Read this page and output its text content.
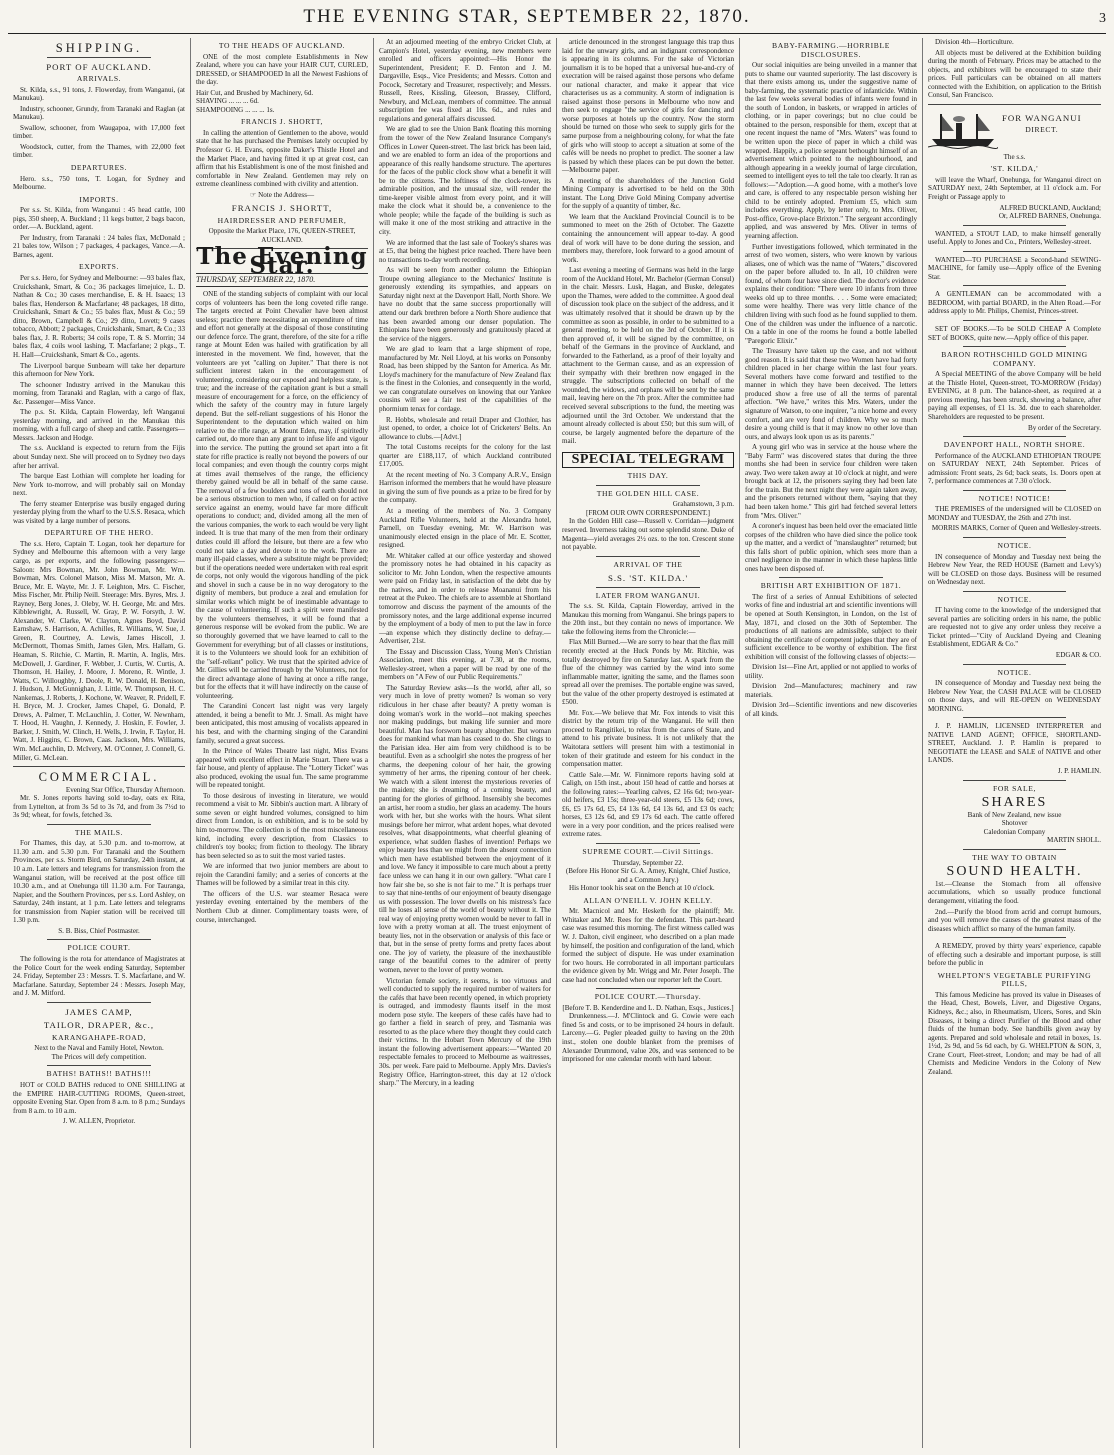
THE EVENING STAR, SEPTEMBER 22, 1870.	3
SHIPPING.
PORT OF AUCKLAND.
ARRIVALS.

St. Kilda, s.s., 91 tons, J. Flowerday, from Wanganui, (at Manukau).

Industry, schooner, Grundy, from Taranaki and Raglan (at Manukau).

Swallow, schooner, from Waugapoa, with 17,000 feet timber.

Woodstock, cutter, from the Thames, with 22,000 feet timber.

DEPARTURES.

Hero. s.s., 750 tons, T. Logan, for Sydney and Melbourne.

IMPORTS.

Per s.s. St. Kilda, from Wanganui : 45 head cattle, 100 pigs, 350 sheep, A. Buckland ; 11 kegs butter, 2 bags bacon, order.—A. Buckland, agent.

Per Industry, from Taranaki : 24 bales flax, McDonald ; 21 bales tow, Wilson ; 7 packages, 4 packages, Vance.—A. Barnes, agent.

EXPORTS.

Per s.s. Hero, for Sydney and Melbourne: —93 bales flax, Cruickshank, Smart, & Co.; 36 packages limejuice, L. D. Nathan & Co.; 30 cases merchandise, E. & H. Isaacs; 13 bales flax, Henderson & Macfarlane; 48 packages, 18 ditto, Cruickshank, Smart & Co.; 55 bales flax, Must & Co.; 59 ditto, Brown, Campbell & Co.; 29 ditto, Lovett; 9 cases tobacco, Abbott; 2 packages, Cruickshank, Smart, & Co.; 33 bales flax, J. R. Roberts; 34 coils rope, T. & S. Morrin; 34 bales flax, 4 coils wool lashing, T. Macfarlane; 2 pkgs., T. H. Hall—Cruickshank, Smart & Co., agents.

The Liverpool barque Sunbeam will take her departure this afternoon for New York.

The schooner Industry arrived in the Manukau this morning, from Taranaki and Raglan, with a cargo of flax, &c. Passenger—Miss Vance.

The p.s. St. Kilda, Captain Flowerday, left Wanganui yesterday morning, and arrived in the Manukau this morning, with a full cargo of sheep and cattle. Passengers—Messrs. Jackson and Hodge.

The s.s. Auckland is expected to return from the Fijis about Sunday next. She will proceed on to Sydney two days after her arrival.

The barque East Lothian will complete her loading for New York to-morrow, and will probably sail on Monday next.

The ferry steamer Enterprise was busily engaged during yesterday plying from the wharf to the U.S.S. Resaca, which was visited by a large number of persons.

DEPARTURE OF THE HERO.

The s.s. Hero, Captain T. Logan, took her departure for Sydney and Melbourne this afternoon with a very large cargo, as per exports, and the following passengers:—Saloon: Mrs Bowman, Mr. John Bowman, Mr. Wm. Bowman, Mrs. Colonel Matson, Miss M. Matson, Mr. A. Bruce, Mr. E. Wayte, Mr. J. F. Leighton, Mrs. C. Fischer, Miss Fischer, Mr. Philip Neill. Steerage: Mrs. Byres, Mrs. J. Rayney, Berg Jones, J. Oleby, W. H. George, Mr. and Mrs. Kibblewright, A. Russell, W. Gray, P. W. Forsyth, J. W. Alexander, W. Clarke, W. Clayton, Agnes Boyd, David Earnshaw, S. Harrison, A. Achilles, R. Williams, W. Sue, J. Green, R. Courtney, A. Lewis, James Hiscoll, J. McDermott, Thomas Smith, James Glen, Mrs. Hallam, G. Heaman, S. Ritchie, C. Martin, R. Martin, A. Inglis, Mrs. McDowell, J. Gardiner, F. Webber, J. Curtis, W. Curtis, A. Thomson, H. Hailey, J. Moore, J. Moreno, R. Wintle, J. Watts, C. Willoughby, J. Doole, R. W. Donald, H. Benison, J. Hudson, J. McGunnighan, J. Little, W. Thompson, H. C. Nankemas, J. Roberts, J. Kochone, W. Weaver, R. Pridell, F. H. Bryce, M. J. Crocker, James Chapel, G. Donald, P. Drews, A. Palmer, T. McLauchlin, J. Cotter, W. Newnham, T. Hood, H. Vaughn, J. Kennedy, J. Hoskin, F. Fowler, J. Barker, J. Smith, W. Clinch, H. Wells, J. Irwin, F. Taylor, H. Watt, J. Higgins, C. Brown, Caas. Jackson, Mrs. Williams, Wm. McLauchlin, D. McIvery, M. O'Conner, J. Connell, G. Miller, G. McLean.

COMMERCIAL.
Evening Star Office, Thursday Afternoon.

Mr. S. Jones reports having sold to-day, oats ex Rita, from Lyttelton, at from 3s 5d to 3s 7d, and from 3s 7½d to 3s 9d; wheat, for fowls, fetched 3s.

THE MAILS.

For Thames, this day, at 5.30 p.m. and to-morrow, at 11.30 a.m. and 5.30 p.m. For Taranaki and the Southern Provinces, per s.s. Storm Bird, on Saturday, 24th instant, at 10 a.m. Late letters and telegrams for transmission from the Wanganui station, will be received at the post office till 10.30 a.m., and at Onehunga till 11.30 a.m. For Tauranga, Napier, and the Southern Provinces, per s.s. Lord Ashley, on Saturday, 24th instant, at 1 p.m. Late letters and telegrams for transmission from Napier station will be received till 1.30 p.m.

S. B. Biss, Chief Postmaster.
POLICE COURT.

The following is the rota for attendance of Magistrates at the Police Court for the week ending Saturday, September 24. Friday, September 23 : Messrs. T. S. Macfarlane, and W. Macfarlane. Saturday, September 24 : Messrs. Joseph May, and J. M. Mitford.

JAMES CAMP,
TAILOR, DRAPER, &c.,
KARANGAHAPE-ROAD,
Next to the Naval and Family Hotel, Newton.
The Prices will defy competition.
BATHS! BATHS!! BATHS!!!

HOT or COLD BATHS reduced to ONE SHILLING at the EMPIRE HAIR-CUTTING ROOMS, Queen-street, opposite Evening Star. Open from 8 a.m. to 8 p.m.; Sundays from 8 a.m. to 10 a.m.

J. W. ALLEN, Proprietor.
TO THE HEADS OF AUCKLAND.

ONE of the most complete Establishments in New Zealand, where you can have your HAIR CUT, CURLED, DRESSED, or SHAMPOOED In all the Newest Fashions of the day.

Hair Cut, and Brushed by Machinery, 6d.
SHAVING ... ... ... 6d.
SHAMPOOING ... ... ... 1s.
FRANCIS J. SHORTT,

In calling the attention of Gentlemen to the above, would state that he has purchased the Premises lately occupied by Professor G. H. Evans, opposite Daker's Thistle Hotel and the Market Place, and having fitted it up at great cost, can affirm that his Establishment is one of the most finished and comfortable in New Zealand. Gentlemen may rely on extreme cleanliness combined with civility and attention.

☞ Note the Address—
FRANCIS J. SHORTT,
HAIRDRESSER AND PERFUMER,
Opposite the Market Place, 176, QUEEN-STREET, AUCKLAND.
The Evening Star.
THURSDAY, SEPTEMBER 22, 1870.

ONE of the standing subjects of complaint with our local corps of volunteers has been the long coveted rifle range. The targets erected at Point Chevalier have been almost useless; practice there necessitating an expenditure of time and effort not generally at the disposal of those constituting our defence force. The grant, therefore, of the site for a rifle range at Mount Eden was hailed with gratification by all interested in the movement. We find, however, that the volunteers are yet "calling on Jupiter." That there is not sufficient interest taken in the encouragement of volunteering, considering our exposed and helpless state, is true; and the increase of the capitation grant is but a small measure of encouragement for a force, on the efficiency of which the safety of the country may in future largely depend. But the self-reliant suggestions of his Honor the Superintendent to the deputation which waited on him relative to the rifle range, at Mount Eden, may, if spiritedly carried out, do more than any grant to infuse life and vigour into the service. The putting the ground set apart into a fit state for rifle practice is really not beyond the powers of our local companies; and even though the country corps might at times avail themselves of the range, the efficiency thereby gained would be all in behalf of the same cause. The removal of a few boulders and tons of earth should not be a serious obstruction to men who, if called on for active service against an enemy, would have far more difficult operations to conduct; and, divided among all the men of the various companies, the work to each would be very light indeed. It is true that many of the men from their ordinary duties could ill afford the leisure, but there are a few who could not take a day and devote it to the work. There are many ill-paid classes, where a substitute might be provided; but if the operations needed were undertaken with real esprit de corps, not only would the vigorous handling of the pick and shovel in such a cause be in no way derogatory to the dignity of members, but produce a zeal and emulation for similar works which might be of inestimable advantage to the cause of volunteering. If such a spirit were manifested by the volunteers themselves, it will be found that a generous response will be evoked from the public. We are so thoroughly governed that we have learned to call to the Government for everything; but of all classes or institutions, it is to the Volunteers we should look for an exhibition of the "self-reliant" policy. We trust that the spirited advice of Mr. Gillies will be carried through by the Volunteers, not for the direct advantage alone of having at once a rifle range, but for the effects that it will have indirectly on the cause of volunteering.

The Carandini Concert last night was very largely attended, it being a benefit to Mr. J. Small. As might have been anticipated, this most amusing of vocalists appeared in his best, and with the charming singing of the Carandini family, secured a great success.

In the Prince of Wales Theatre last night, Miss Evans appeared with excellent effect in Marie Stuart. There was a fair house, and plenty of applause. The "Lottery Ticket" was also produced, evoking the usual fun. The same programme will be repeated tonight.

To those desirous of investing in literature, we would recommend a visit to Mr. Sibbin's auction mart. A library of some seven or eight hundred volumes, consigned to him direct from London, is on exhibition, and is to be sold by him to-morrow. The collection is of the most miscellaneous kind, including every description, from Classics to children's toy books; from fiction to theology. The library has been selected so as to suit the most varied tastes.

We are informed that two junior members are about to rejoin the Carandini family; and a series of concerts at the Thames will be followed by a similar treat in this city.

The officers of the U.S. war steamer Resaca were yesterday evening entertained by the members of the Northern Club at dinner. Complimentary toasts were, of course, interchanged.

At an adjourned meeting of the embryo Cricket Club, at Campion's Hotel, yesterday evening, new members were enrolled and officers appointed:—His Honor the Superintendent, President; F. D. Fenton and J. M. Dargaville, Esqs., Vice Presidents; and Messrs. Cotton and Pocock, Secretary and Treasurer, respectively; and Messrs. Russell, Rees, Kissling, Gleeson, Brassey, Clifford, Newbury, and McLean, members of committee. The annual subscription fee was fixed at 10s. 6d., and rules and regulations and general affairs discussed.

We are glad to see the Union Bank floating this morning from the tower of the New Zealand Insurance Company's Offices in Lower Queen-street. The last brick has been laid, and we are enabled to form an idea of the proportions and appearance of this really handsome structure. The apertures for the faces of the public clock show what a benefit it will be to the citizens. The loftiness of the clock-tower, its admirable position, and the unusual size, will render the time-keeper visible almost from every point, and it will make the clock what it should be, a convenience to the whole people; while the façade of the building is such as will make it one of the most striking and attractive in the city.

We are informed that the last sale of Tookey's shares was at £5, that being the highest price reached. There have been no transactions to-day worth recording.

As will be seen from another column the Ethiopian Troupe owning allegiance to the Mechanics' Institute is generously extending its sympathies, and appears on Saturday night next at the Davenport Hall, North Shore. We have no doubt that the same success proportionally will attend our dark brethren before a North Shore audience that has been awarded among our denser population. The Ethiopians have been generously and gratuitously placed at the service of the niggers.

We are glad to learn that a large shipment of rope, manufactured by Mr. Neil Lloyd, at his works on Ponsonby Road, has been shipped by the Santon for America. As Mr. Lloyd's machinery for the manufacture of New Zealand flax is the finest in the Colonies, and consequently in the world, we can congratulate ourselves on knowing that our Yankee cousins will see a fair test of the capabilities of the phormium tenax for cordage.

R. Hobbs, wholesale and retail Draper and Clothier, has just opened, to order, a choice lot of Cricketers' Belts. An allowance to clubs.—[Advt.]

The total Customs receipts for the colony for the last quarter are £188,117, of which Auckland contributed £17,005.

At the recent meeting of No. 3 Company A.R.V., Ensign Harrison informed the members that he would have pleasure in giving the sum of five pounds as a prize to be fired for by the company.

At a meeting of the members of No. 3 Company Auckland Rifle Volunteers, held at the Alexandra hotel, Parnell, on Tuesday evening, Mr. W. Harrison was unanimously elected ensign in the place of Mr. E. Scotter, resigned.

Mr. Whitaker called at our office yesterday and showed the promissory notes he had obtained in his capacity as solicitor to Mr. John London, when the respective amounts were paid on Friday last, in satisfaction of the debt due by the natives, and in order to release Moananui from his retreat at the Pukeo. The chiefs are to assemble at Shortland tomorrow and discuss the payment of the amounts of the promissory notes, and the large additional expense incurred by the employment of a body of men to put the law in force—an expense which they distinctly decline to defray.—Advertiser, 21st.

The Essay and Discussion Class, Young Men's Christian Association, meet this evening, at 7.30, at the rooms, Wellesley-street, when a paper will be read by one of the members on "A Few of our Public Requirements."

The Saturday Review asks—Is the world, after all, so very much in love of pretty women? Is woman so very ridiculous in her chase after beauty? A pretty woman is doing woman's work in the world—not making speeches nor making puddings, but making life sunnier and more beautiful. Man has forsworn beauty altogether. But woman does for mankind what man has ceased to do. She clings to the Parisian idea. Her aim from very childhood is to be beautiful. Even as a schoolgirl she notes the progress of her charms, the deepening colour of her hair, the growing symmetry of her arms, the ripening contour of her cheek. We watch with a silent interest the mysterious reveries of the maiden; she is dreaming of a coming beauty, and panting for the glories of girlhood. Insensibly she becomes an artist, her room a studio, her glass an academy. The hours work with her, but she works with the hours. What silent musings before her mirror, what ardent hopes, what devoted resolves, what disappointments, what cheerful gleaning of experience, what sudden flashes of invention! Perhaps we enjoy beauty less than we might from the absent connection which men have established between the enjoyment of it and love. We fancy it impossible to care much about a pretty face unless we can hang it in our own gallery. "What care I how fair she be, so she is not fair to me." It is perhaps truer to say that nine-tenths of our enjoyment of beauty disengage us with possession. The lover dwells on his mistress's face till he loses all sense of the world of beauty without it. The real way of enjoying pretty women would be never to fall in love with a pretty woman at all. The truest enjoyment of beauty lies, not in the observation or analysis of this face or that, but in the sense of pretty forms and pretty faces about one. The joy of variety, the pleasure of the inexhaustible range of the beautiful comes to the admirer of pretty women, never to the lover of pretty women.

Victorian female society, it seems, is too virtuous and well conducted to supply the required number of waiters for the cafés that have been recently opened, in which propriety is outraged, and immodesty flaunts itself in the most modern pose style. The keepers of these cafés have had to go farther a field in search of prey, and Tasmania was resorted to as the place where they thought they could catch their victims. In the Hobart Town Mercury of the 19th instant the following advertisement appears:—"Wanted 20 respectable females to proceed to Melbourne as waitresses, 30s. per week. Fare paid to Melbourne. Apply Mrs. Davies's Registry Office, Harrington-street, this day at 12 o'clock sharp." The Mercury, in a leading

article denounced in the strongest language this trap thus laid for the unwary girls, and an indignant correspondence is appearing in its columns. For the sake of Victorian journalism it is to be hoped that a universal hue-and-cry of execration will be raised against those persons who defame our national character, and make it appear that vice characterises us as a community. A storm of indignation is raised against those persons in Melbourne who now and then seek to engage "the service of girls for dancing and worse purposes at hotels up the country. Now the storm should be turned on those who seek to supply girls for the same purpose from a neighbouring colony, for what the fate of girls who will stoop to accept a situation at some of the cafés will be needs no prophet to predict. The sooner a law is passed by which these places can be put down the better.—Melbourne paper.

A meeting of the shareholders of the Junction Gold Mining Company is advertised to be held on the 30th instant. The Long Drive Gold Mining Company advertise for the supply of a quantity of timber, &c.

We learn that the Auckland Provincial Council is to be summoned to meet on the 26th of October. The Gazette containing the announcement will appear to-day. A good deal of work will have to be done during the session, and members may, therefore, look forward to a good amount of work.

Last evening a meeting of Germans was held in the large room of the Auckland Hotel, Mr. Bachelor (German Consul) in the chair. Messrs. Lusk, Hagan, and Buske, delegates upon the Thames, were added to the committee. A good deal of discussion took place on the subject of the address, and it was ultimately resolved that it should be drawn up by the committee as soon as possible, in order to be submitted to a general meeting, to be held on the 3rd of October. If it is then approved of, it will be signed by the committee, on behalf of the Germans in the province of Auckland, and forwarded to the Fatherland, as a proof of their loyalty and attachment to the German cause, and as an expression of their sympathy with their brethren now engaged in the struggle. The subscriptions collected on behalf of the wounded, the widows, and orphans will be sent by the same mail, leaving here on the 7th prox. After the committee had received several subscriptions to the fund, the meeting was adjourned until the 3rd October. We understand that the amount already collected is about £50; but this sum will, of course, be largely augmented before the departure of the mail.

SPECIAL TELEGRAM
THIS DAY.
THE GOLDEN HILL CASE.
Grahamstown, 3 p.m.
[FROM OUR OWN CORRESPONDENT.]

In the Golden Hill case—Russell v. Corridan—judgment reserved. Inverness taking out some splendid stone. Duke of Magenta—yield averages 2½ ozs. to the ton. Crescent stone not payable.

ARRIVAL OF THE
S.S. 'ST. KILDA.'
LATER FROM WANGANUI.

The s.s. St. Kilda, Captain Flowerday, arrived in the Manukau this morning from Wanganui. She brings papers to the 20th inst., but they contain no news of importance. We take the following items from the Chronicle:—

Flax Mill Burned.—We are sorry to hear that the flax mill recently erected at the Huck Ponds by Mr. Ritchie, was totally destroyed by fire on Saturday last. A spark from the flue of the chimney was carried by the wind into some inflammable matter, igniting the same, and the flames soon spread all over the premises. The portable engine was saved, but the value of the other property destroyed is estimated at £500.

Mr. Fox.—We believe that Mr. Fox intends to visit this district by the return trip of the Wanganui. He will then proceed to Rangitikei, to relax from the cares of State, and attend to his private business. It is not unlikely that the Waitotara settlers will present him with a testimonial in token of their gratitude and esteem for his conduct in the compensation matter.

Cattle Sale.—Mr. W. Finnimore reports having sold at Caligh, on 15th inst., about 150 head of cattle and horses at the following rates:—Yearling calves, £2 16s 6d; two-year-old heifers, £3 15s; three-year-old steers, £5 13s 6d; cows, £6, £5 17s 6d, £5, £4 13s 6d, £4 13s 6d, and £3 0s each; horses, £3 12s 6d, and £9 17s 6d each. The cattle offered were in a very poor condition, and the prices realised were extreme rates.

SUPREME COURT.—Civil Sittings.
Thursday, September 22.
(Before His Honor Sir G. A. Arney, Knight, Chief Justice, and a Common Jury.)

His Honor took his seat on the Bench at 10 o'clock.

ALLAN O'NEILL V. JOHN KELLY.

Mr. Macnicol and Mr. Hesketh for the plaintiff; Mr. Whitaker and Mr. Rees for the defendant. This part-heard case was resumed this morning. The first witness called was W. J. Dalton, civil engineer, who described on a plan made by himself, the position and configuration of the land, which formed the subject of dispute. He was under examination for two hours. He corroborated in all important particulars the evidence given by Mr. Wrigg and Mr. Peter Joseph. The case had not concluded when our reporter left the Court.

POLICE COURT.—Thursday.
[Before T. B. Kenderdine and L. D. Nathan, Esqs., Justices.]

Drunkenness.—J. M'Clintock and G. Cowie were each fined 5s and costs, or to be imprisoned 24 hours in default. Larceny.—G. Pegler pleaded guilty to having on the 20th inst., stolen one double blanket from the premises of Alexander Drummond, value 20s, and was sentenced to be imprisoned for one calendar month with hard labour.

BABY-FARMING.—HORRIBLE DISCLOSURES.

Our social iniquities are being unveiled in a manner that puts to shame our vaunted superiority. The last discovery is that there exists among us, under the suggestive name of baby-farming, the systematic practice of infanticide. Within the last few weeks several bodies of infants were found in the south of London, in baskets, or wrapped in articles of clothing, or in paper coverings; but no clue could be obtained to the person, responsible for them, except that at one recent inquest the name of "Mrs. Waters" was found to be written upon the piece of paper in which a child was wrapped. Happily, a police sergeant bethought himself of an advertisement which pointed to the neighbourhood, and although appearing in a weekly journal of large circulation, seemed to intelligent eyes to tell the tale too clearly. It ran as follows:—"Adoption.—A good home, with a mother's love and care, is offered to any respectable person wishing her child to be entirely adopted. Premium £5, which sum includes everything. Apply, by letter only, to Mrs. Oliver, Post-office, Grove-place Brixton." The sergeant accordingly applied, and was answered by Mrs. Oliver in terms of yearning affection.

Further investigations followed, which terminated in the arrest of two women, sisters, who were known by various aliases, one of which was the name of "Waters," discovered on the paper before alluded to. In all, 10 children were found, of whom four have since died. The doctor's evidence explains their condition: "There were 10 infants from three weeks old up to three months. . . . Some were emaciated; some were healthy. There was very little chance of the children living with such food as he found supplied to them. One of the children was under the influence of a narcotic. On a table in one of the rooms he found a bottle labelled "Paregoric Elixir."

The Treasury have taken up the case, and not without good reason. It is said that these two Women have had forty children placed in her charge within the last four years. Several mothers have come forward and testified to the manner in which they have been deceived. The letters produced show a free use of all the terms of parental affection. "We have," writes this Mrs. Waters, under the signature of Watson, to one inquirer, "a nice home and every comfort, and are very fond of children. Why we so much desire a young child is that it may know no other love than ours, and always look upon us as its parents."

A young girl who was in service at the house where the "Baby Farm" was discovered states that during the three months she had been in service four children were taken away. Two were taken away at 10 o'clock at night, and were brought back at 12, the prisoners saying they had been late for the train. But the next night they were again taken away, and the prisoners returned without them, "saying that they had been taken home." This girl had fetched several letters from "Mrs. Oliver."

A coroner's inquest has been held over the emaciated little corpses of the children who have died since the police took up the matter, and a verdict of "manslaughter" returned; but this falls short of public opinion, which sees more than a cruel negligence in the manner in which these hapless little ones have been disposed of.

BRITISH ART EXHIBITION OF 1871.

The first of a series of Annual Exhibitions of selected works of fine and industrial art and scientific inventions will be opened at South Kensington, in London, on the 1st of May, 1871, and closed on the 30th of September. The productions of all nations are admissible, subject to their obtaining the certificate of competent judges that they are of sufficient excellence to be worthy of exhibition. The first exhibition will consist of the following classes of objects:—

Division 1st—Fine Art, applied or not applied to works of utility.

Division 2nd—Manufactures; machinery and raw materials.

Division 3rd—Scientific inventions and new discoveries of all kinds.

Division 4th—Horticulture.

All objects must be delivered at the Exhibition building during the month of February. Prices may be attached to the objects, and exhibitors will be encouraged to state their prices. Full particulars can be obtained on all matters connected with the Exhibition, on application to the British Consul, San Francisco.

FOR WANGANUI
DIRECT.
The s.s.
'ST. KILDA,'

will leave the Wharf, Onehunga, for Wanganui direct on SATURDAY next, 24th September, at 11 o'clock a.m. For Freight or Passage apply to

ALFRED BUCKLAND, Auckland;
Or, ALFRED BARNES, Onehunga.

WANTED, a STOUT LAD, to make himself generally useful. Apply to Jones and Co., Printers, Wellesley-street.

WANTED—TO PURCHASE a Second-hand SEWING-MACHINE, for family use—Apply office of the Evening Star.

A GENTLEMAN can be accommodated with a BEDROOM, with partial BOARD, in the Alten Road.—For address apply to Mr. Philips, Chemist, Princes-street.

SET OF BOOKS.—To be SOLD CHEAP A Complete SET of BOOKS, quite new.—Apply office of this paper.

BARON ROTHSCHILD GOLD MINING COMPANY.

A Special MEETING of the above Company will be held at the Thistle Hotel, Queen-street, TO-MORROW (Friday) EVENING, at 8 p.m. The balance-sheet, as required at a previous meeting, has been struck, showing a balance, after paying all expenses, of £1 1s. 3d. due to each shareholder. Shareholders are requested to be present.

By order of the Secretary.
DAVENPORT HALL, NORTH SHORE.

Performance of the AUCKLAND ETHIOPIAN TROUPE on SATURDAY NEXT, 24th September. Prices of admission: Front seats, 2s 6d; back seats, 1s. Doors open at 7, performance commences at 7.30 o'clock.

NOTICE! NOTICE!

THE PREMISES of the undersigned will be CLOSED on MONDAY and TUESDAY, the 26th and 27th inst.

MORRIS MARKS, Corner of Queen and Wellesley-streets.
NOTICE.

IN consequence of Monday and Tuesday next being the Hebrew New Year, the RED HOUSE (Barnett and Levy's) will be CLOSED on those days. Business will be resumed on Wednesday next.

NOTICE.

IT having come to the knowledge of the undersigned that several parties are soliciting orders in his name, the public are requested not to give any order unless they receive a Ticket printed—"City of Auckland Dyeing and Cleaning Establishment, EDGAR & Co."

EDGAR & CO.
NOTICE.

IN consequence of Monday and Tuesday next being the Hebrew New Year, the CASH PALACE will be CLOSED on those days, and will RE-OPEN on WEDNESDAY MORNING.

J. P. HAMLIN, LICENSED INTERPRETER and NATIVE LAND AGENT; OFFICE, SHORTLAND-STREET, Auckland. J. P. Hamlin is prepared to NEGOTIATE the LEASE and SALE of NATIVE and other LANDS.

J. P. HAMLIN.
FOR SALE,
SHARES
Bank of New Zealand, new issue
Shotover
Caledonian Company
MARTIN SHOLL.
THE WAY TO OBTAIN
SOUND HEALTH.

1st.—Cleanse the Stomach from all offensive accumulations, which so usually produce functional derangement, vitiating the food.

2nd.—Purify the blood from acrid and corrupt humours, and you will remove the causes of the greatest mass of the diseases which afflict so many of the human family.

A REMEDY, proved by thirty years' experience, capable of effecting such a desirable and important purpose, is still before the public in

WHELPTON'S VEGETABLE PURIFYING PILLS,

This famous Medicine has proved its value in Diseases of the Head, Chest, Bowels, Liver, and Digestive Organs, Kidneys, &c.; also, in Rheumatism, Ulcers, Sores, and Skin Diseases, it being a direct Purifier of the Blood and other fluids of the human body. See handbills given away by agents. Prepared and sold wholesale and retail in boxes, 1s. 1½d, 2s 9d, and 5s 6d each, by G. WHELPTON & SON, 3, Crane Court, Fleet-street, London; and may be had of all Chemists and Medicine Vendors in the Colony of New Zealand.
